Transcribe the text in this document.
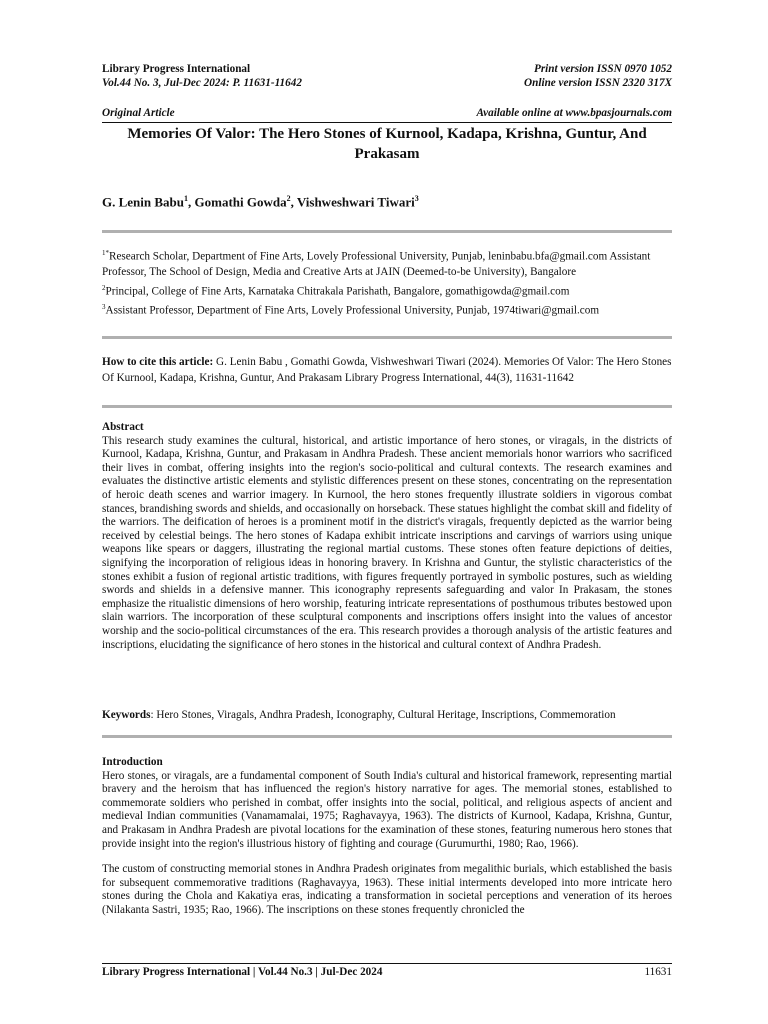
Library Progress International	Print version ISSN 0970 1052
Vol.44 No. 3, Jul-Dec 2024: P. 11631-11642	Online version ISSN 2320 317X
Original Article	Available online at www.bpasjournals.com
Memories Of Valor: The Hero Stones of Kurnool, Kadapa, Krishna, Guntur, And Prakasam
G. Lenin Babu$^1$, Gomathi Gowda$^2$, Vishweshwari Tiwari$^3$

$^{1*}$Research Scholar, Department of Fine Arts, Lovely Professional University, Punjab, leninbabu.bfa@gmail.com Assistant Professor, The School of Design, Media and Creative Arts at JAIN (Deemed-to-be University), Bangalore

$^2$Principal, College of Fine Arts, Karnataka Chitrakala Parishath, Bangalore, gomathigowda@gmail.com

$^3$Assistant Professor, Department of Fine Arts, Lovely Professional University, Punjab, 1974tiwari@gmail.com

How to cite this article: G. Lenin Babu , Gomathi Gowda, Vishweshwari Tiwari (2024). Memories Of Valor: The Hero Stones Of Kurnool, Kadapa, Krishna, Guntur, And Prakasam Library Progress International, 44(3), 11631-11642

Abstract

This research study examines the cultural, historical, and artistic importance of hero stones, or viragals, in the districts of Kurnool, Kadapa, Krishna, Guntur, and Prakasam in Andhra Pradesh. These ancient memorials honor warriors who sacrificed their lives in combat, offering insights into the region's socio-political and cultural contexts. The research examines and evaluates the distinctive artistic elements and stylistic differences present on these stones, concentrating on the representation of heroic death scenes and warrior imagery. In Kurnool, the hero stones frequently illustrate soldiers in vigorous combat stances, brandishing swords and shields, and occasionally on horseback. These statues highlight the combat skill and fidelity of the warriors. The deification of heroes is a prominent motif in the district's viragals, frequently depicted as the warrior being received by celestial beings. The hero stones of Kadapa exhibit intricate inscriptions and carvings of warriors using unique weapons like spears or daggers, illustrating the regional martial customs. These stones often feature depictions of deities, signifying the incorporation of religious ideas in honoring bravery. In Krishna and Guntur, the stylistic characteristics of the stones exhibit a fusion of regional artistic traditions, with figures frequently portrayed in symbolic postures, such as wielding swords and shields in a defensive manner. This iconography represents safeguarding and valor In Prakasam, the stones emphasize the ritualistic dimensions of hero worship, featuring intricate representations of posthumous tributes bestowed upon slain warriors. The incorporation of these sculptural components and inscriptions offers insight into the values of ancestor worship and the socio-political circumstances of the era. This research provides a thorough analysis of the artistic features and inscriptions, elucidating the significance of hero stones in the historical and cultural context of Andhra Pradesh.

Keywords: Hero Stones, Viragals, Andhra Pradesh, Iconography, Cultural Heritage, Inscriptions, Commemoration

Introduction

Hero stones, or viragals, are a fundamental component of South India's cultural and historical framework, representing martial bravery and the heroism that has influenced the region's history narrative for ages. The memorial stones, established to commemorate soldiers who perished in combat, offer insights into the social, political, and religious aspects of ancient and medieval Indian communities (Vanamamalai, 1975; Raghavayya, 1963). The districts of Kurnool, Kadapa, Krishna, Guntur, and Prakasam in Andhra Pradesh are pivotal locations for the examination of these stones, featuring numerous hero stones that provide insight into the region's illustrious history of fighting and courage (Gurumurthi, 1980; Rao, 1966).

The custom of constructing memorial stones in Andhra Pradesh originates from megalithic burials, which established the basis for subsequent commemorative traditions (Raghavayya, 1963). These initial interments developed into more intricate hero stones during the Chola and Kakatiya eras, indicating a transformation in societal perceptions and veneration of its heroes (Nilakanta Sastri, 1935; Rao, 1966). The inscriptions on these stones frequently chronicled the

Library Progress International | Vol.44 No.3 | Jul-Dec 2024	11631
